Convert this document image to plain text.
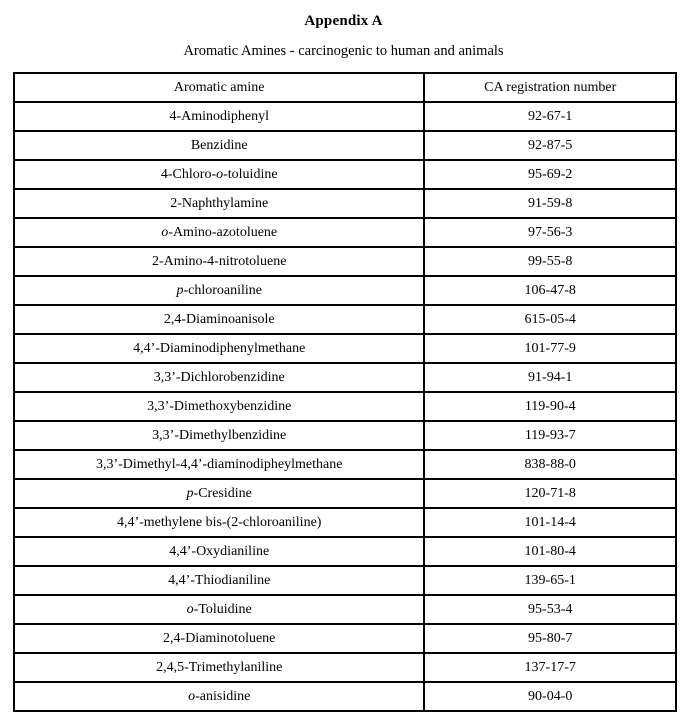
Appendix A

Aromatic Amines - carcinogenic to human and animals

Aromatic amine	CA registration number
4-Aminodiphenyl	92-67-1
Benzidine	92-87-5
4-Chloro-o-toluidine	95-69-2
2-Naphthylamine	91-59-8
o-Amino-azotoluene	97-56-3
2-Amino-4-nitrotoluene	99-55-8
p-chloroaniline	106-47-8
2,4-Diaminoanisole	615-05-4
4,4’-Diaminodiphenylmethane	101-77-9
3,3’-Dichlorobenzidine	91-94-1
3,3’-Dimethoxybenzidine	119-90-4
3,3’-Dimethylbenzidine	119-93-7
3,3’-Dimethyl-4,4’-diaminodipheylmethane	838-88-0
p-Cresidine	120-71-8
4,4’-methylene bis-(2-chloroaniline)	101-14-4
4,4’-Oxydianiline	101-80-4
4,4’-Thiodianiline	139-65-1
o-Toluidine	95-53-4
2,4-Diaminotoluene	95-80-7
2,4,5-Trimethylaniline	137-17-7
o-anisidine	90-04-0
